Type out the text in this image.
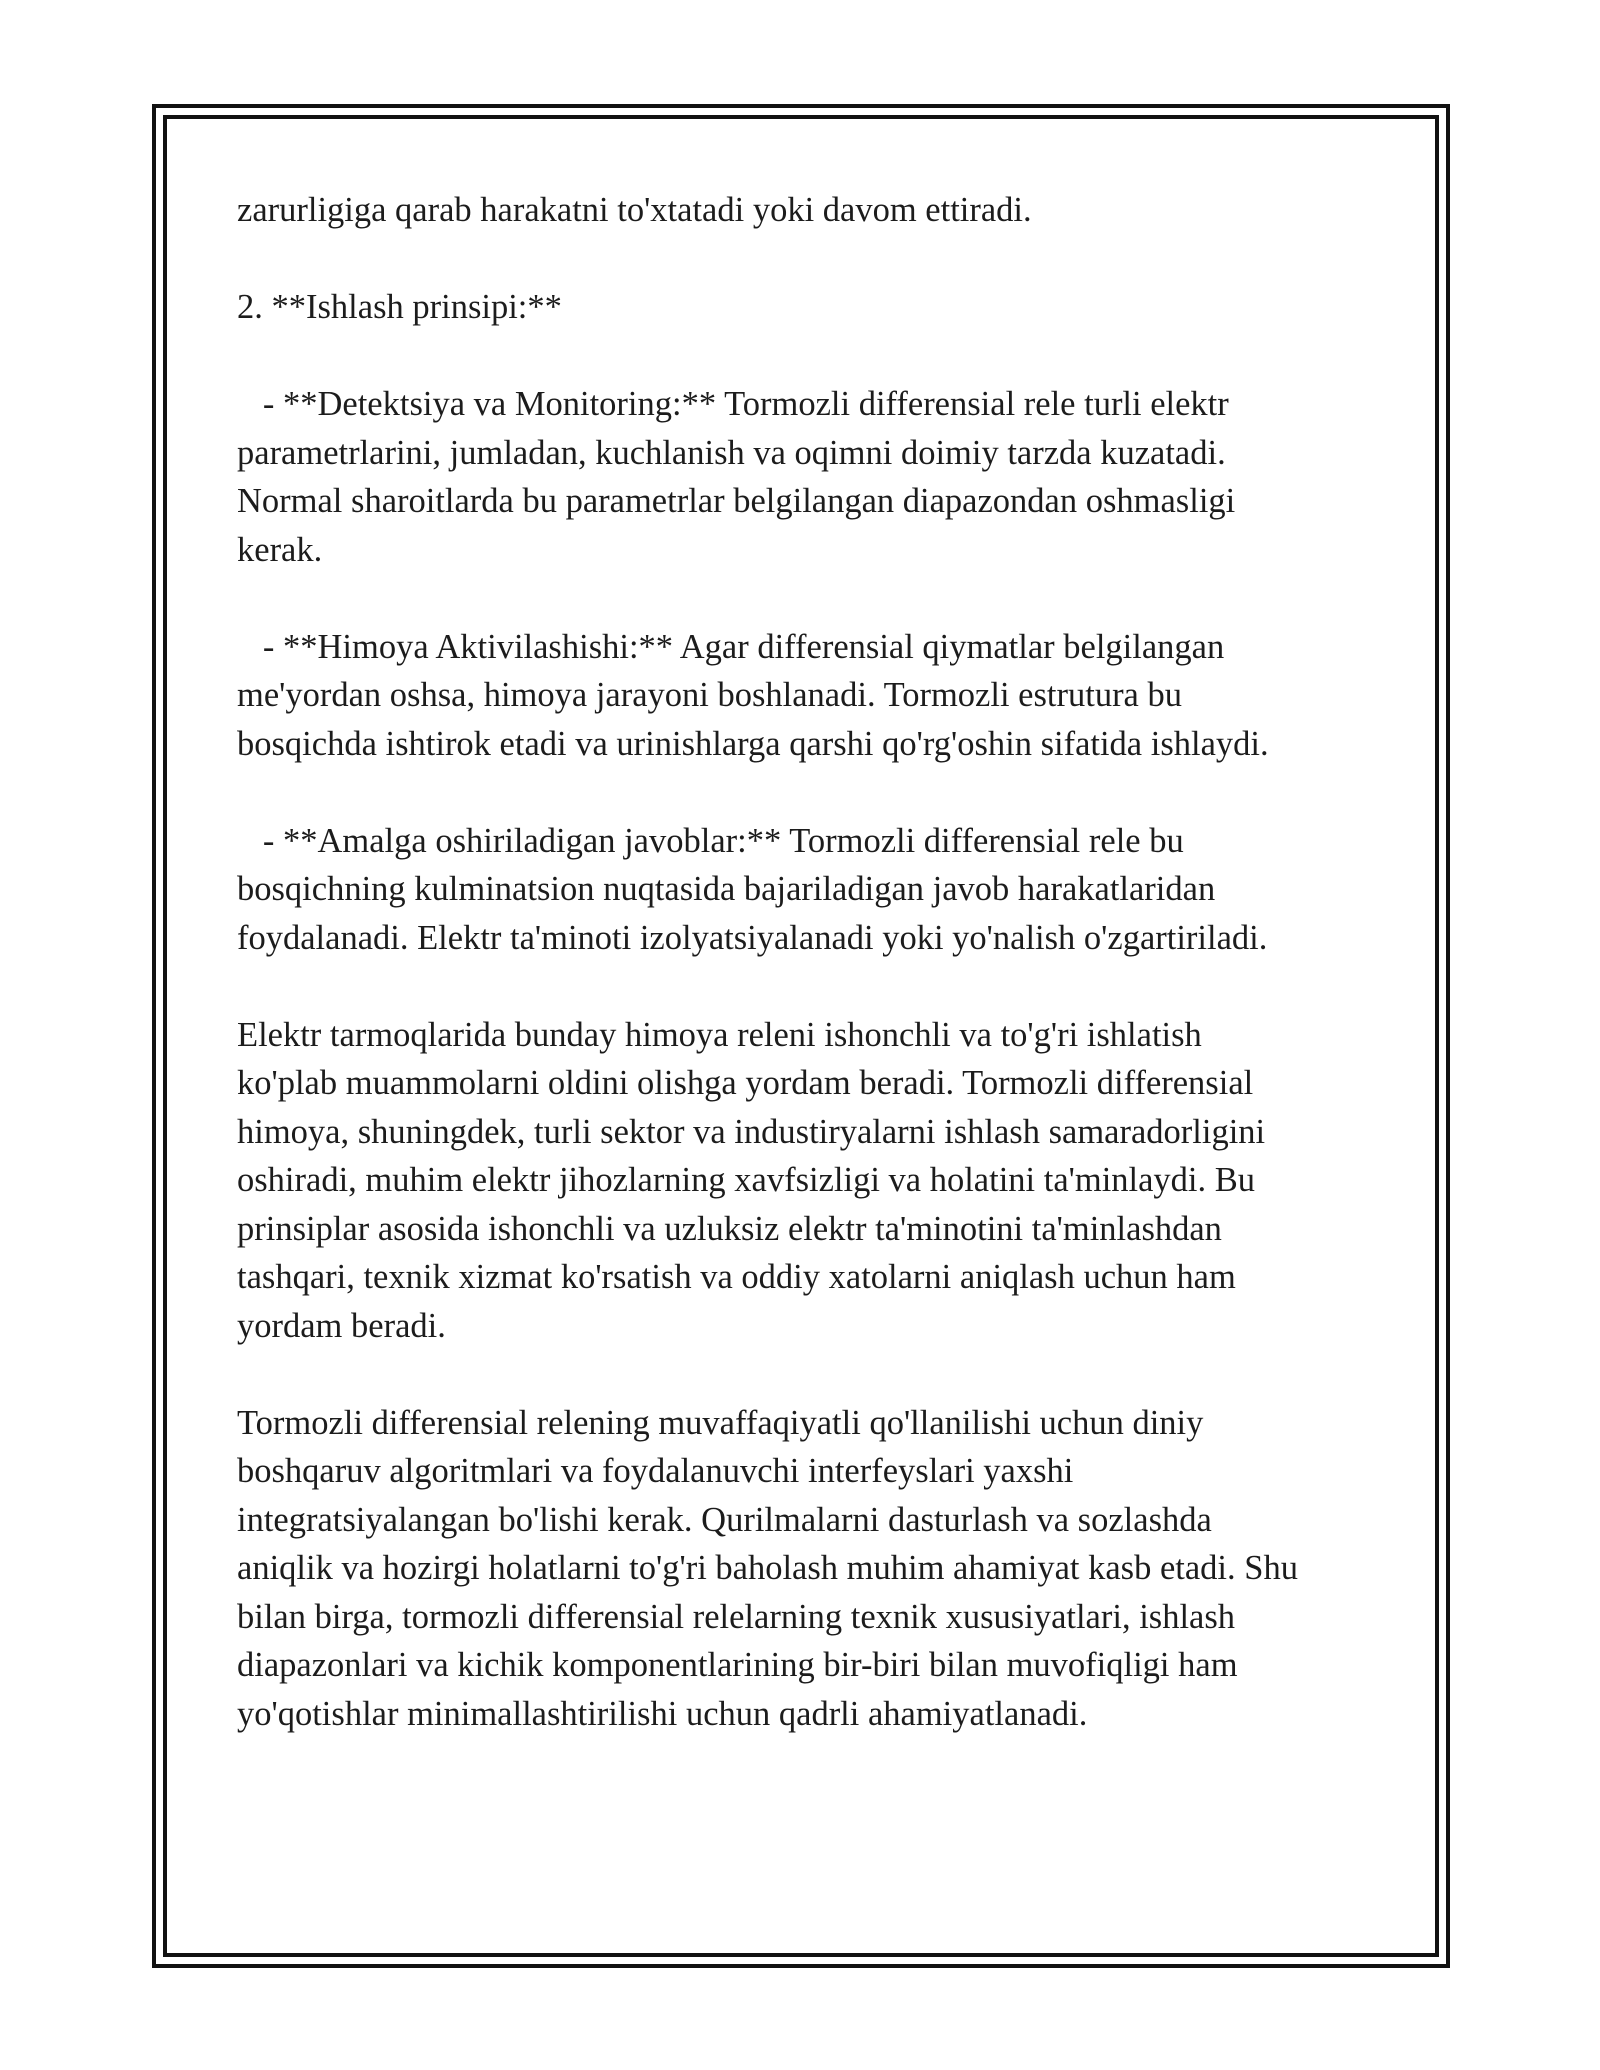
zarurligiga qarab harakatni to'xtatadi yoki davom ettiradi.

2. **Ishlash prinsipi:**

- **Detektsiya va Monitoring:** Tormozli differensial rele turli elektr
parametrlarini, jumladan, kuchlanish va oqimni doimiy tarzda kuzatadi.
Normal sharoitlarda bu parametrlar belgilangan diapazondan oshmasligi
kerak.

- **Himoya Aktivilashishi:** Agar differensial qiymatlar belgilangan
me'yordan oshsa, himoya jarayoni boshlanadi. Tormozli estrutura bu
bosqichda ishtirok etadi va urinishlarga qarshi qo'rg'oshin sifatida ishlaydi.

- **Amalga oshiriladigan javoblar:** Tormozli differensial rele bu
bosqichning kulminatsion nuqtasida bajariladigan javob harakatlaridan
foydalanadi. Elektr ta'minoti izolyatsiyalanadi yoki yo'nalish o'zgartiriladi.

Elektr tarmoqlarida bunday himoya releni ishonchli va to'g'ri ishlatish
ko'plab muammolarni oldini olishga yordam beradi. Tormozli differensial
himoya, shuningdek, turli sektor va industiryalarni ishlash samaradorligini
oshiradi, muhim elektr jihozlarning xavfsizligi va holatini ta'minlaydi. Bu
prinsiplar asosida ishonchli va uzluksiz elektr ta'minotini ta'minlashdan
tashqari, texnik xizmat ko'rsatish va oddiy xatolarni aniqlash uchun ham
yordam beradi.

Tormozli differensial relening muvaffaqiyatli qo'llanilishi uchun diniy
boshqaruv algoritmlari va foydalanuvchi interfeyslari yaxshi
integratsiyalangan bo'lishi kerak. Qurilmalarni dasturlash va sozlashda
aniqlik va hozirgi holatlarni to'g'ri baholash muhim ahamiyat kasb etadi. Shu
bilan birga, tormozli differensial relelarning texnik xususiyatlari, ishlash
diapazonlari va kichik komponentlarining bir-biri bilan muvofiqligi ham
yo'qotishlar minimallashtirilishi uchun qadrli ahamiyatlanadi.
